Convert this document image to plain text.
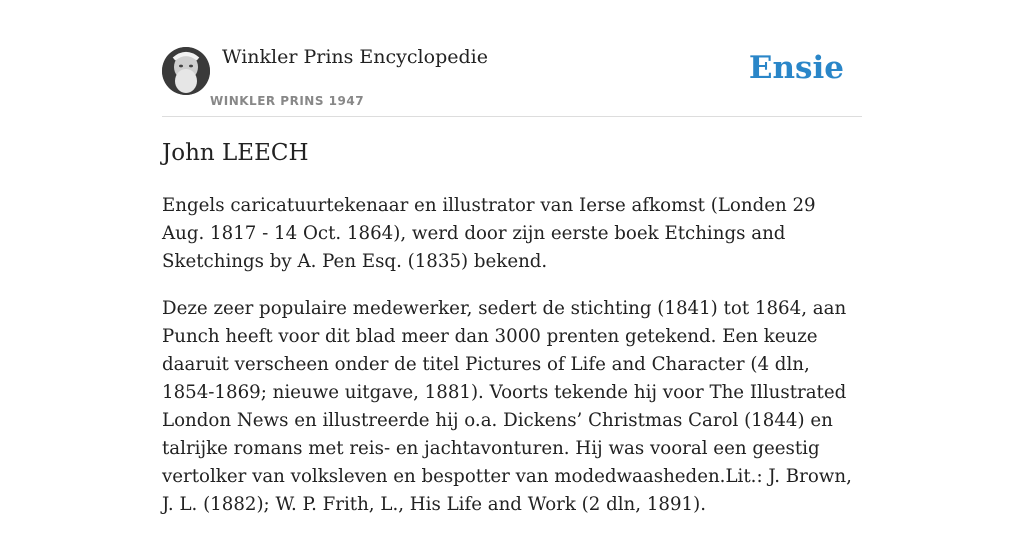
Winkler Prins Encyclopedie
WINKLER PRINS 1947
Ensie
John LEECH

Engels caricatuurtekenaar en illustrator van Ierse afkomst (Londen 29 Aug. 1817 - 14 Oct. 1864), werd door zijn eerste boek Etchings and Sketchings by A. Pen Esq. (1835) bekend.

Deze zeer populaire medewerker, sedert de stichting (1841) tot 1864, aan Punch heeft voor dit blad meer dan 3000 prenten getekend. Een keuze daaruit verscheen onder de titel Pictures of Life and Character (4 dln, 1854-1869; nieuwe uitgave, 1881). Voorts tekende hij voor The Illustrated London News en illustreerde hij o.a. Dickens’ Christmas Carol (1844) en talrijke romans met reis- en jachtavonturen. Hij was vooral een geestig vertolker van volksleven en bespotter van modedwaasheden.Lit.: J. Brown, J. L. (1882); W. P. Frith, L., His Life and Work (2 dln, 1891).
